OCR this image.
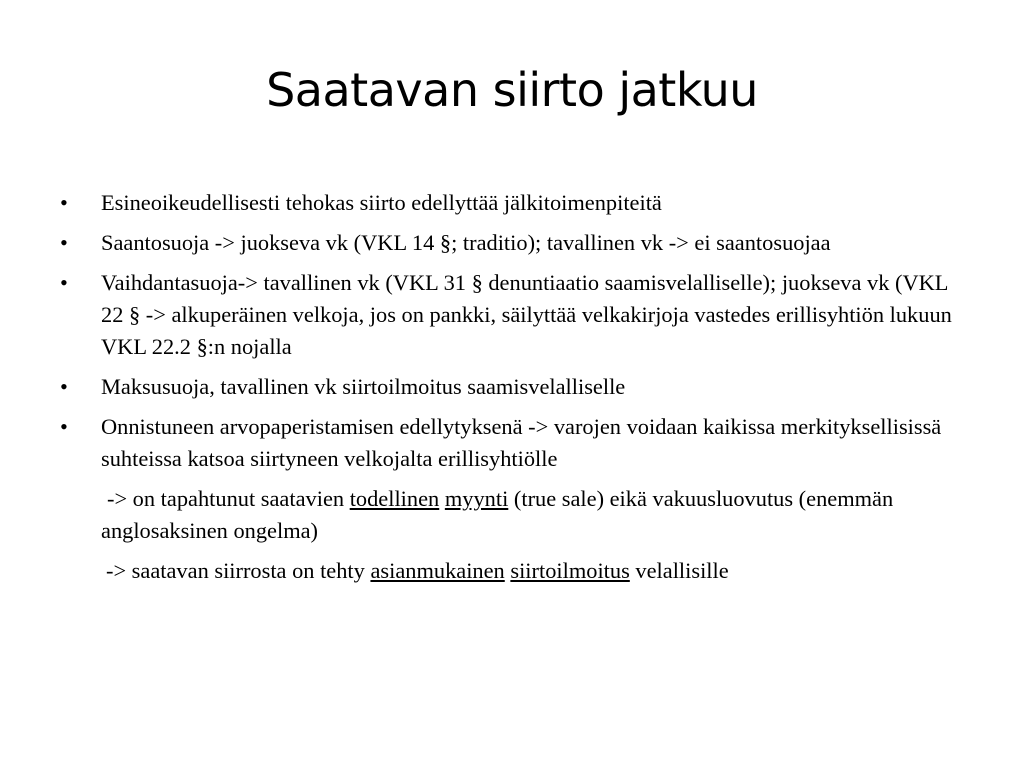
Saatavan siirto jatkuu
•	Esineoikeudellisesti tehokas siirto edellyttää jälkitoimenpiteitä
•	Saantosuoja -> juokseva vk (VKL 14 §; traditio); tavallinen vk -> ei saantosuojaa
•	Vaihdantasuoja-> tavallinen vk (VKL 31 § denuntiaatio saamisvelalliselle); juokseva vk (VKL 22 § -> alkuperäinen velkoja, jos on pankki, säilyttää velkakirjoja vastedes erillisyhtiön lukuun VKL 22.2 §:n nojalla
•	Maksusuoja, tavallinen vk siirtoilmoitus saamisvelalliselle
•	Onnistuneen arvopaperistamisen edellytyksenä -> varojen voidaan kaikissa merkityksellisissä suhteissa katsoa siirtyneen velkojalta erillisyhtiölle
-> on tapahtunut saatavien todellinen myynti (true sale) eikä vakuusluovutus (enemmän anglosaksinen ongelma)
-> saatavan siirrosta on tehty asianmukainen siirtoilmoitus velallisille
